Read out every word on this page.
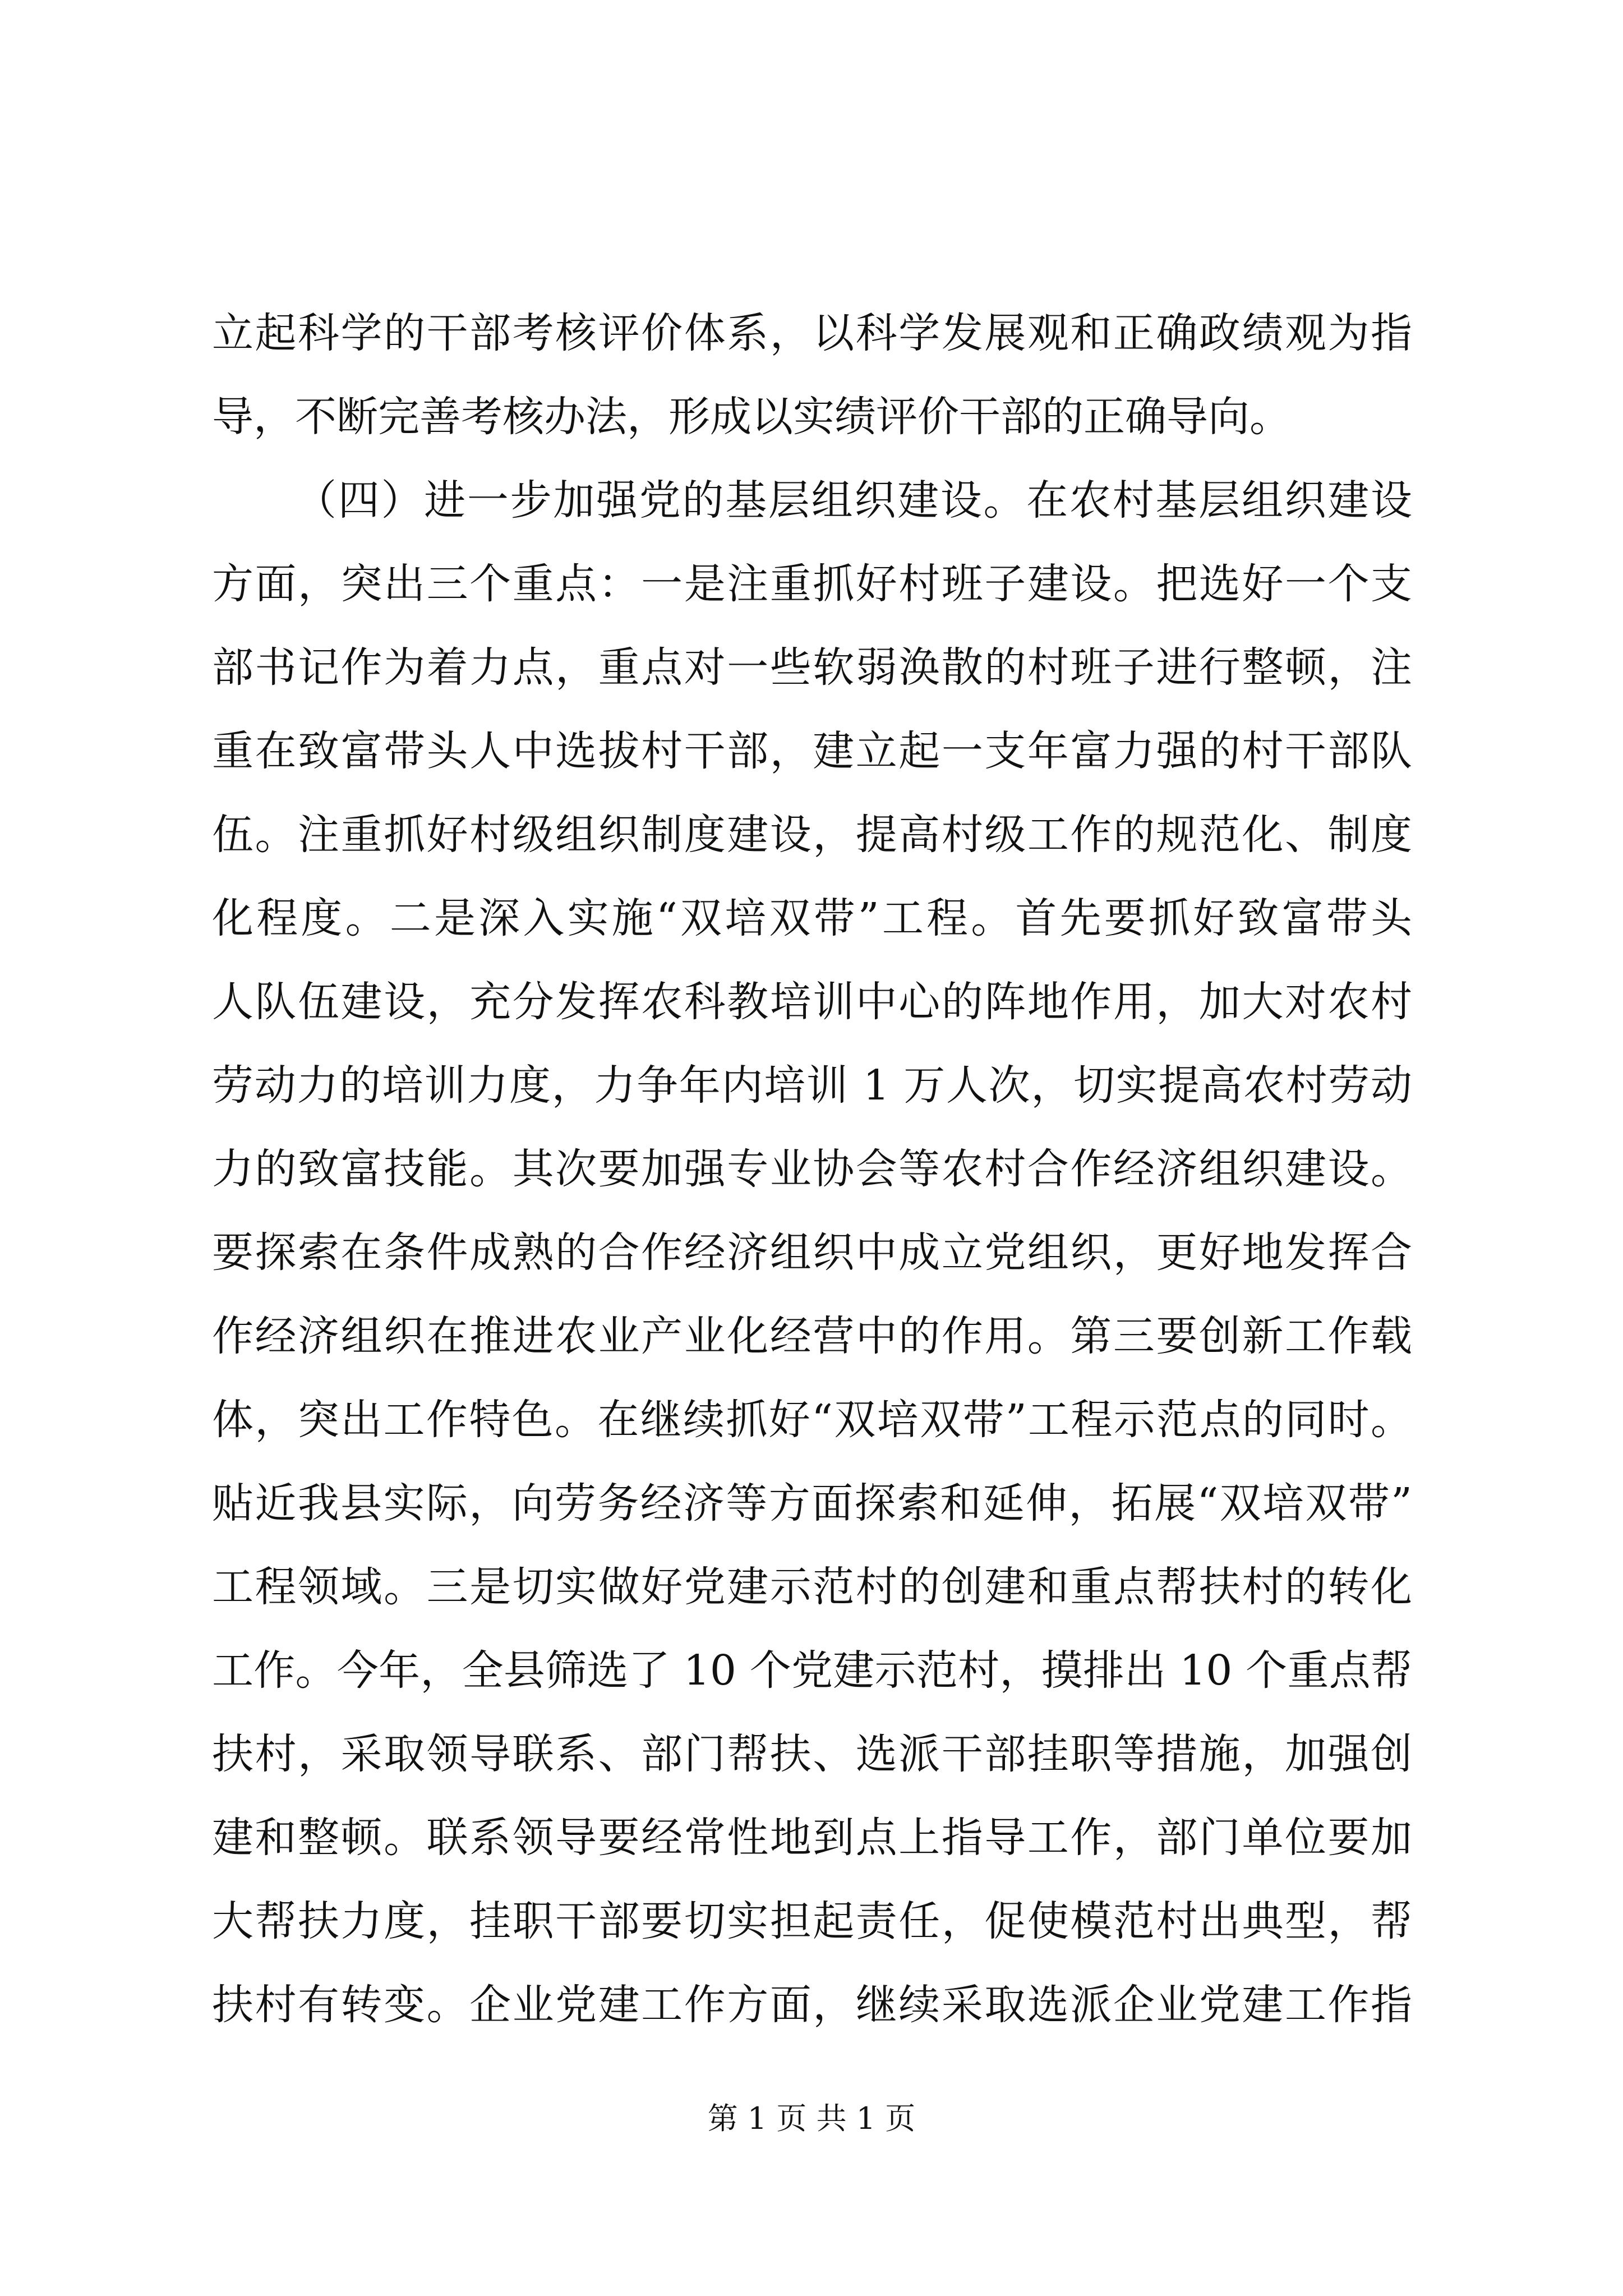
立起科学的干部考核评价体系，以科学发展观和正确政绩观为指
导，不断完善考核办法，形成以实绩评价干部的正确导向。
（四）进一步加强党的基层组织建设。在农村基层组织建设
方面，突出三个重点：一是注重抓好村班子建设。把选好一个支
部书记作为着力点，重点对一些软弱涣散的村班子进行整顿，注
重在致富带头人中选拔村干部，建立起一支年富力强的村干部队
伍。注重抓好村级组织制度建设，提高村级工作的规范化、制度
化程度。二是深入实施“双培双带”工程。首先要抓好致富带头
人队伍建设，充分发挥农科教培训中心的阵地作用，加大对农村
劳动力的培训力度，力争年内培训 1 万人次，切实提高农村劳动
力的致富技能。其次要加强专业协会等农村合作经济组织建设。
要探索在条件成熟的合作经济组织中成立党组织，更好地发挥合
作经济组织在推进农业产业化经营中的作用。第三要创新工作载
体，突出工作特色。在继续抓好“双培双带”工程示范点的同时。
贴近我县实际，向劳务经济等方面探索和延伸，拓展“双培双带”
工程领域。三是切实做好党建示范村的创建和重点帮扶村的转化
工作。今年，全县筛选了 10 个党建示范村，摸排出 10 个重点帮
扶村，采取领导联系、部门帮扶、选派干部挂职等措施，加强创
建和整顿。联系领导要经常性地到点上指导工作，部门单位要加
大帮扶力度，挂职干部要切实担起责任，促使模范村出典型，帮
扶村有转变。企业党建工作方面，继续采取选派企业党建工作指
第 1 页 共 1 页
